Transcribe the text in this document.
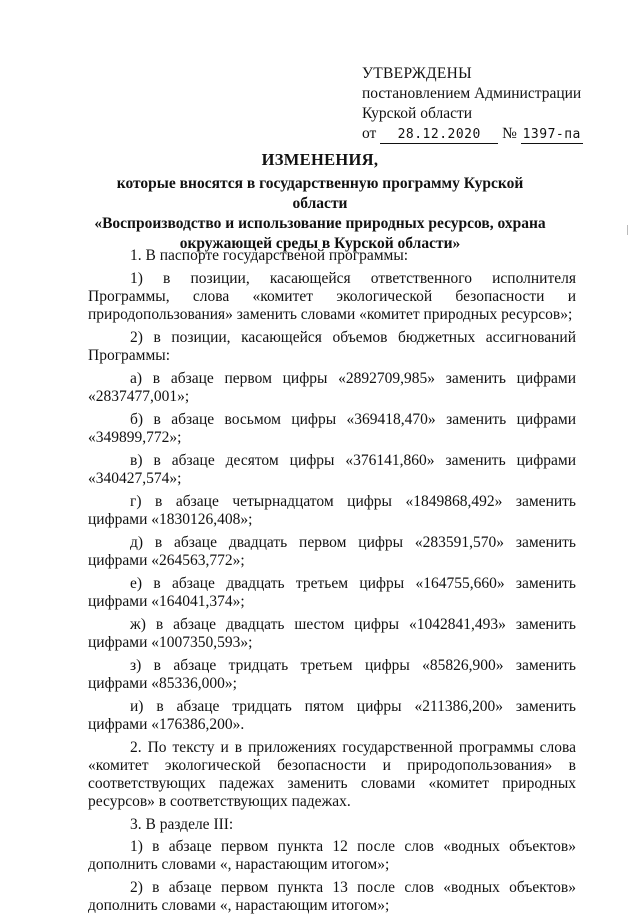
УТВЕРЖДЕНЫ
постановлением Администрации
Курской области
от 28.12.2020 № 1397-па
ИЗМЕНЕНИЯ,
которые вносятся в государственную программу Курской области
«Воспроизводство и использование природных ресурсов, охрана
окружающей среды в Курской области»

1. В паспорте государственой программы:

1) в позиции, касающейся ответственного исполнителя Программы, слова «комитет экологической безопасности и природопользования» заменить словами «комитет природных ресурсов»;

2) в позиции, касающейся объемов бюджетных ассигнований Программы:

а) в абзаце первом цифры «2892709,985» заменить цифрами «2837477,001»;

б) в абзаце восьмом цифры «369418,470» заменить цифрами «349899,772»;

в) в абзаце десятом цифры «376141,860» заменить цифрами «340427,574»;

г) в абзаце четырнадцатом цифры «1849868,492» заменить цифрами «1830126,408»;

д) в абзаце двадцать первом цифры «283591,570» заменить цифрами «264563,772»;

е) в абзаце двадцать третьем цифры «164755,660» заменить цифрами «164041,374»;

ж) в абзаце двадцать шестом цифры «1042841,493» заменить цифрами «1007350,593»;

з) в абзаце тридцать третьем цифры «85826,900» заменить цифрами «85336,000»;

и) в абзаце тридцать пятом цифры «211386,200» заменить цифрами «176386,200».

2. По тексту и в приложениях государственной программы слова «комитет экологической безопасности и природопользования» в соответствующих падежах заменить словами «комитет природных ресурсов» в соответствующих падежах.

3. В разделе III:

1) в абзаце первом пункта 12 после слов «водных объектов» дополнить словами «, нарастающим итогом»;

2) в абзаце первом пункта 13 после слов «водных объектов» дополнить словами «, нарастающим итогом»;
